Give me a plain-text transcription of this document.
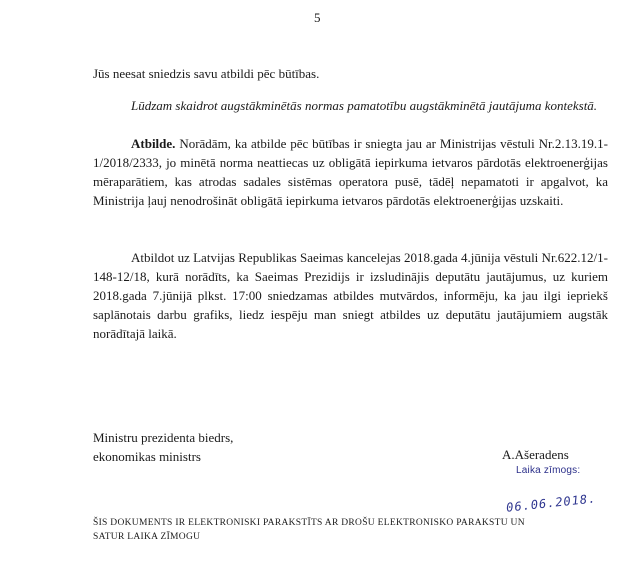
5

Jūs neesat sniedzis savu atbildi pēc būtības.

Lūdzam skaidrot augstākminētās normas pamatotību augstākminētā jautājuma kontekstā.

Atbilde. Norādām, ka atbilde pēc būtības ir sniegta jau ar Ministrijas vēstuli Nr.2.13.19.1-1/2018/2333, jo minētā norma neattiecas uz obligātā iepirkuma ietvaros pārdotās elektroenerģijas mēraparātiem, kas atrodas sadales sistēmas operatora pusē, tādēļ nepamatoti ir apgalvot, ka Ministrija ļauj nenodrošināt obligātā iepirkuma ietvaros pārdotās elektroenerģijas uzskaiti.

Atbildot uz Latvijas Republikas Saeimas kancelejas 2018.gada 4.jūnija vēstuli Nr.622.12/1-148-12/18, kurā norādīts, ka Saeimas Prezidijs ir izsludinājis deputātu jautājumus, uz kuriem 2018.gada 7.jūnijā plkst. 17:00 sniedzamas atbildes mutvārdos, informēju, ka jau ilgi iepriekš saplānotais darbu grafiks, liedz iespēju man sniegt atbildes uz deputātu jautājumiem augstāk norādītajā laikā.

Ministru prezidenta biedrs,
ekonomikas ministrs	A.Ašeradens
Laika zīmogs:
06.06.2018.
ŠIS DOKUMENTS IR ELEKTRONISKI PARAKSTĪTS AR DROŠU ELEKTRONISKO PARAKSTU UN SATUR LAIKA ZĪMOGU
